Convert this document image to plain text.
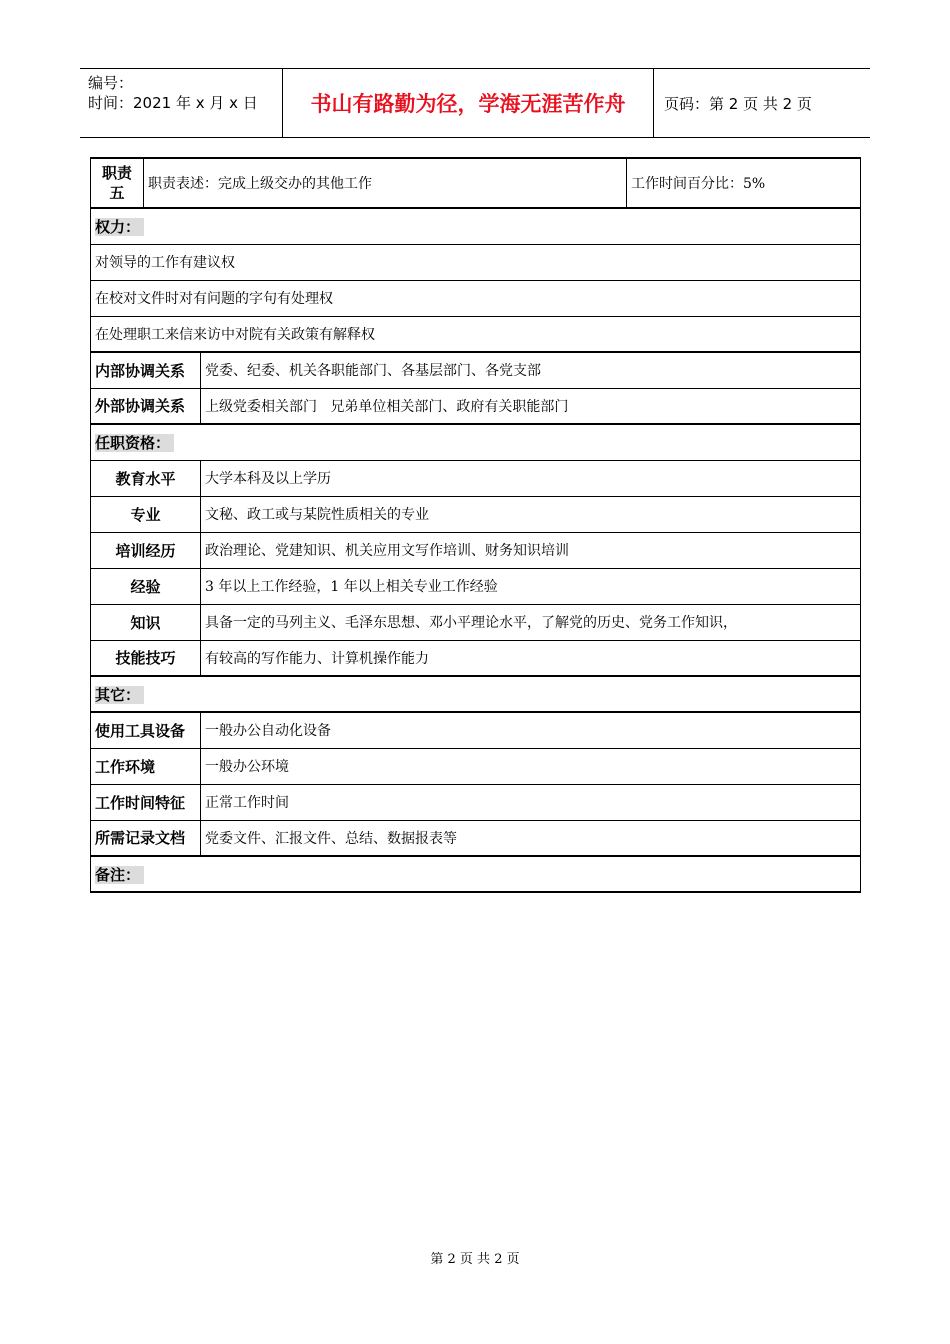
编号：
时间：2021 年 x 月 x 日	书山有路勤为径，学海无涯苦作舟	页码：第 2 页 共 2 页
职责五	职责表述：完成上级交办的其他工作		工作时间百分比：5%
权力：			
对领导的工作有建议权			
在校对文件时对有问题的字句有处理权			
在处理职工来信来访中对院有关政策有解释权			
内部协调关系		党委、纪委、机关各职能部门、各基层部门、各党支部	
外部协调关系		上级党委相关部门   兄弟单位相关部门、政府有关职能部门	
任职资格：			
教育水平		大学本科及以上学历	
专业		文秘、政工或与某院性质相关的专业	
培训经历		政治理论、党建知识、机关应用文写作培训、财务知识培训	
经验		3 年以上工作经验，1 年以上相关专业工作经验	
知识		具备一定的马列主义、毛泽东思想、邓小平理论水平，了解党的历史、党务工作知识，	
技能技巧		有较高的写作能力、计算机操作能力	
其它：			
使用工具设备		一般办公自动化设备	
工作环境		一般办公环境	
工作时间特征		正常工作时间	
所需记录文档		党委文件、汇报文件、总结、数据报表等	
备注：			
第 2 页 共 2 页
